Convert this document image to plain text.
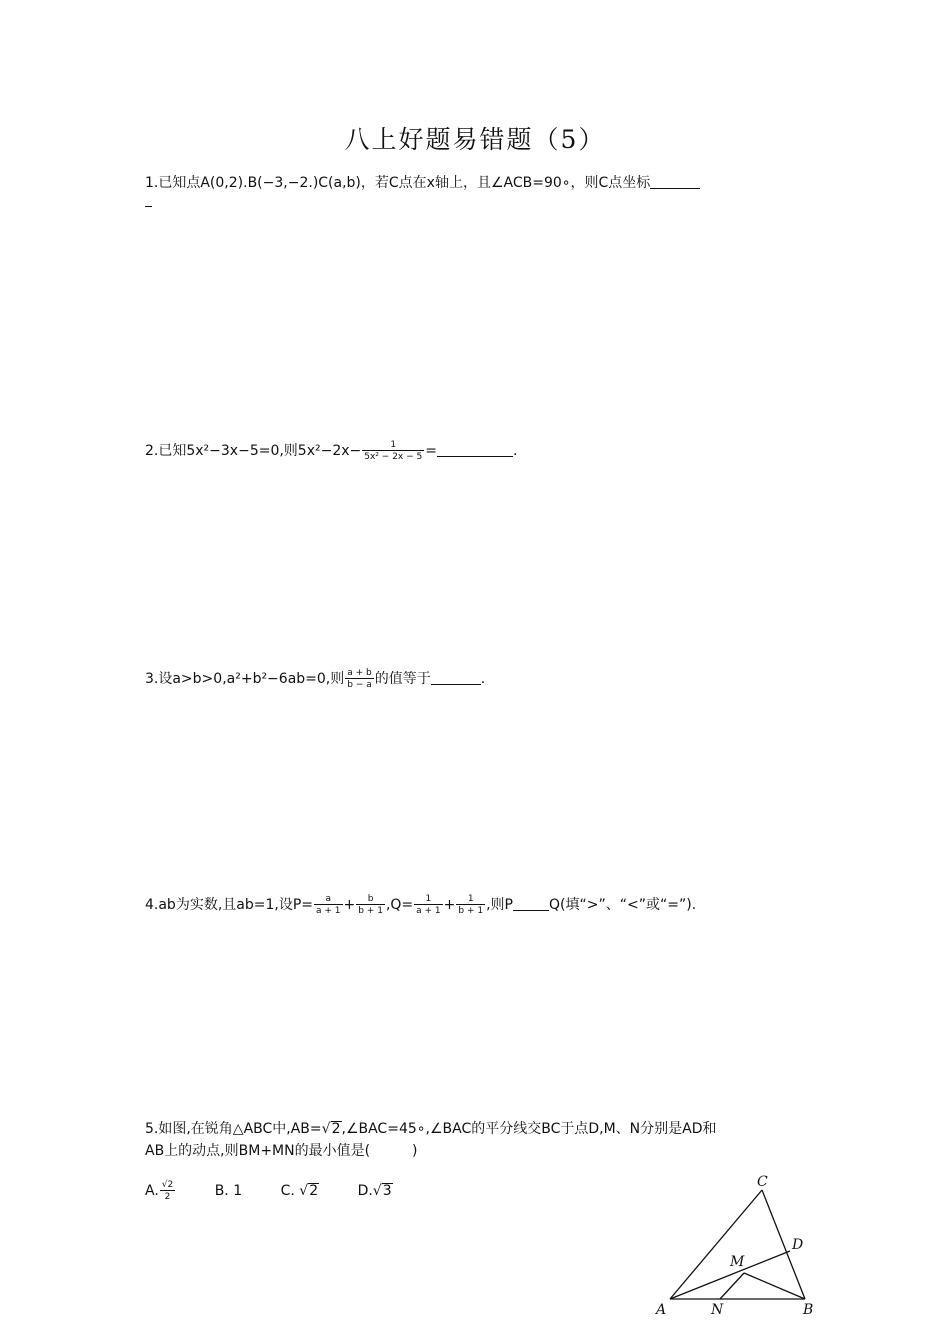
八上好题易错题（5）
1.已知点A(0,2).B(−3,−2.)C(a,b)，若C点在x轴上，且∠ACB=90∘，则C点坐标
2.已知5x²−3x−5=0,则$5x^2-2x- \frac{1}{\text{5x² − 2x − 5}}$ =	.
3.设a>b>0,a²+b²−6ab=0,则 $\frac{a + b}{b - a}$ 的值等于	.
4.ab为实数,且ab=1,设$P= \frac{a}{a + 1} + \frac{b}{b + 1} ,Q= \frac{1}{a + 1} + \frac{1}{b + 1}$ ,则P	Q(填“>”、“<”或“=”).
5.如图,在锐角△ABC中,AB=√2,∠BAC=45∘,∠BAC的平分线交BC于点D,M、N分别是AD和
AB上的动点,则BM+MN的最小值是(　　　)
A. $\frac{√2}{2}$	B. 1	C. √2	D.√3
A	B
C
D
M
N
